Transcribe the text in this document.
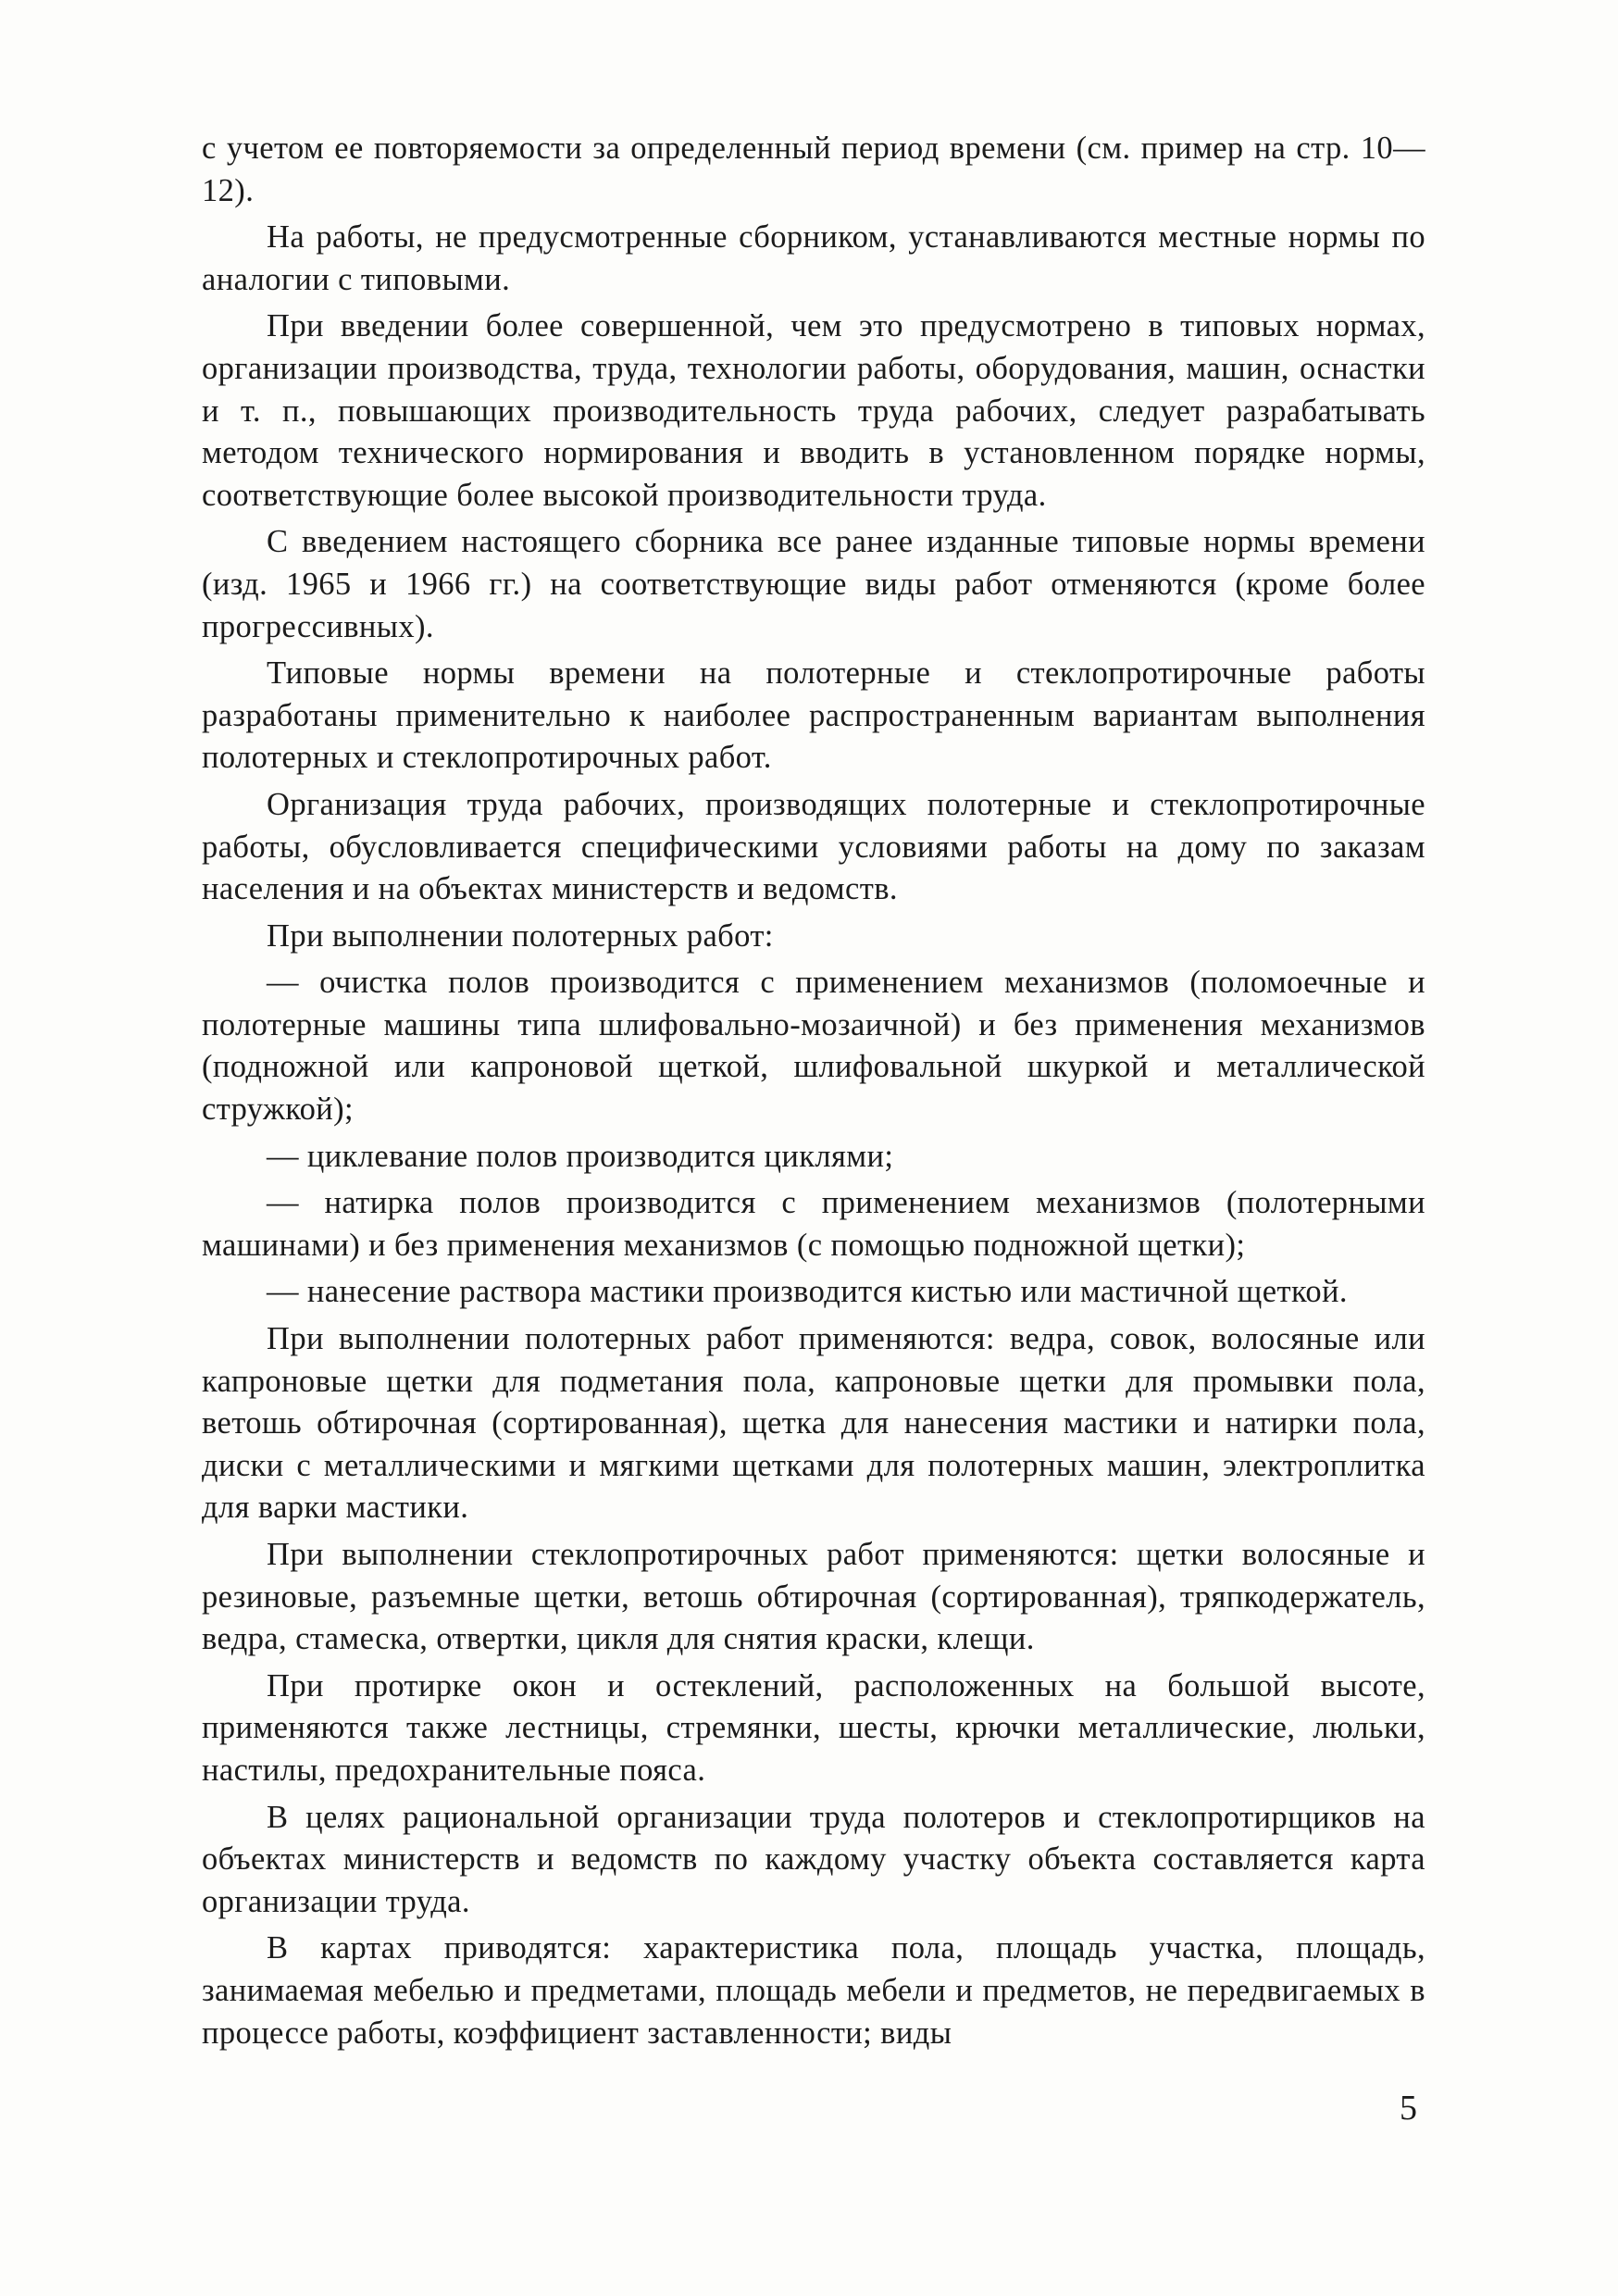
с учетом ее повторяемости за определенный период времени (см. пример на стр. 10—12).

На работы, не предусмотренные сборником, устанавливаются местные нормы по аналогии с типовыми.

При введении более совершенной, чем это предусмотрено в типовых нормах, организации производства, труда, технологии работы, оборудования, машин, оснастки и т. п., повышающих производительность труда рабочих, следует разрабатывать методом технического нормирования и вводить в установленном порядке нормы, соответствующие более высокой производительности труда.

С введением настоящего сборника все ранее изданные типовые нормы времени (изд. 1965 и 1966 гг.) на соответствующие виды работ отменяются (кроме более прогрессивных).

Типовые нормы времени на полотерные и стеклопротирочные работы разработаны применительно к наиболее распространенным вариантам выполнения полотерных и стеклопротирочных работ.

Организация труда рабочих, производящих полотерные и стеклопротирочные работы, обусловливается специфическими условиями работы на дому по заказам населения и на объектах министерств и ведомств.

При выполнении полотерных работ:

— очистка полов производится с применением механизмов (поломоечные и полотерные машины типа шлифовально-мозаичной) и без применения механизмов (подножной или капроновой щеткой, шлифовальной шкуркой и металлической стружкой);

— циклевание полов производится циклями;

— натирка полов производится с применением механизмов (полотерными машинами) и без применения механизмов (с помощью подножной щетки);

— нанесение раствора мастики производится кистью или мастичной щеткой.

При выполнении полотерных работ применяются: ведра, совок, волосяные или капроновые щетки для подметания пола, капроновые щетки для промывки пола, ветошь обтирочная (сортированная), щетка для нанесения мастики и натирки пола, диски с металлическими и мягкими щетками для полотерных машин, электроплитка для варки мастики.

При выполнении стеклопротирочных работ применяются: щетки волосяные и резиновые, разъемные щетки, ветошь обтирочная (сортированная), тряпкодержатель, ведра, стамеска, отвертки, цикля для снятия краски, клещи.

При протирке окон и остеклений, расположенных на большой высоте, применяются также лестницы, стремянки, шесты, крючки металлические, люльки, настилы, предохранительные пояса.

В целях рациональной организации труда полотеров и стеклопротирщиков на объектах министерств и ведомств по каждому участку объекта составляется карта организации труда.

В картах приводятся: характеристика пола, площадь участка, площадь, занимаемая мебелью и предметами, площадь мебели и предметов, не передвигаемых в процессе работы, коэффициент заставленности; виды

5
